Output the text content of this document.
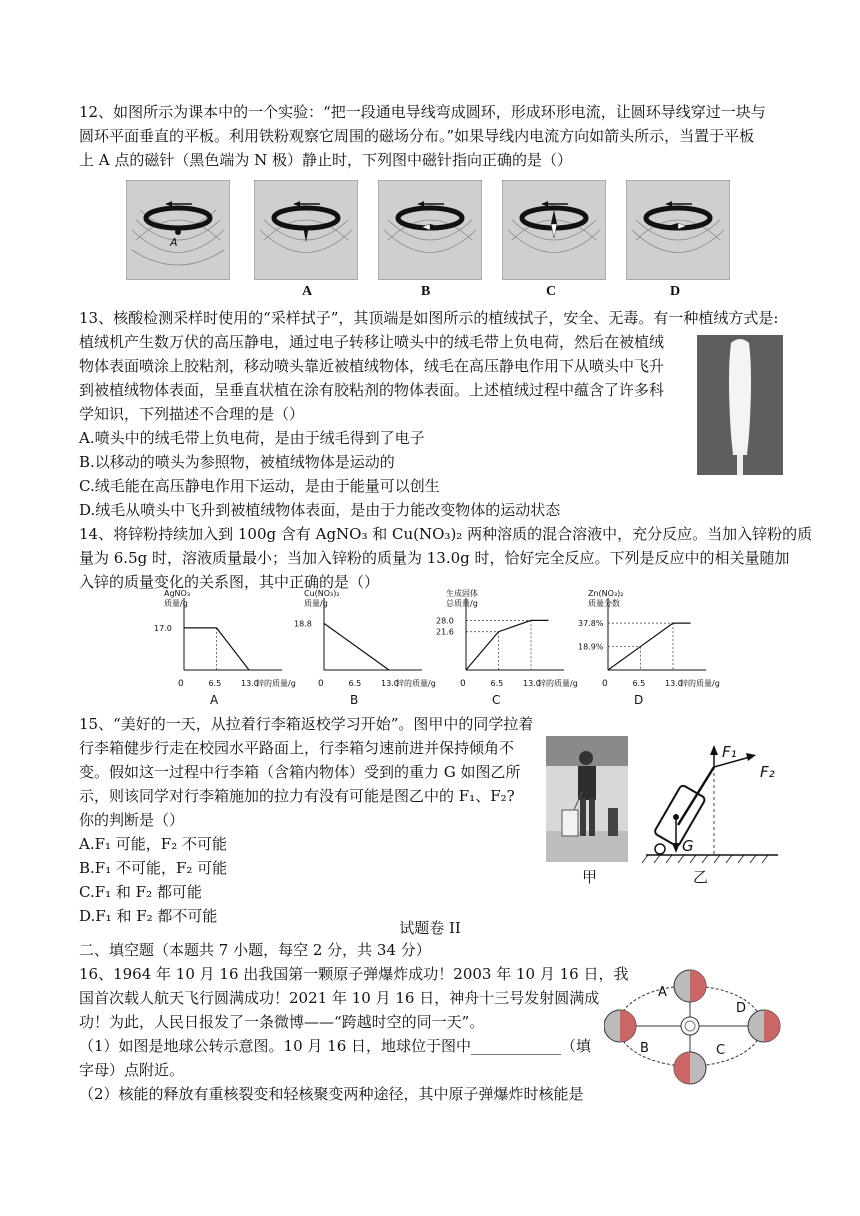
12、如图所示为课本中的一个实验：“把一段通电导线弯成圆环，形成环形电流，让圆环导线穿过一块与
圆环平面垂直的平板。利用铁粉观察它周围的磁场分布。”如果导线内电流方向如箭头所示，当置于平板
上 A 点的磁针（黑色端为 N 极）静止时，下列图中磁针指向正确的是（）
A
A	B	C	D
13、核酸检测采样时使用的“采样拭子”，其顶端是如图所示的植绒拭子，安全、无毒。有一种植绒方式是:
植绒机产生数万伏的高压静电，通过电子转移让喷头中的绒毛带上负电荷，然后在被植绒
物体表面喷涂上胶粘剂，移动喷头靠近被植绒物体，绒毛在高压静电作用下从喷头中飞升
到被植绒物体表面，呈垂直状植在涂有胶粘剂的物体表面。上述植绒过程中蕴含了许多科
学知识，下列描述不合理的是（）
A.喷头中的绒毛带上负电荷，是由于绒毛得到了电子
B.以移动的喷头为参照物，被植绒物体是运动的
C.绒毛能在高压静电作用下运动，是由于能量可以创生
D.绒毛从喷头中飞升到被植绒物体表面，是由于力能改变物体的运动状态
14、将锌粉持续加入到 100g 含有 AgNO₃ 和 Cu(NO₃)₂ 两种溶质的混合溶液中，充分反应。当加入锌粉的质
量为 6.5g 时，溶液质量最小；当加入锌粉的质量为 13.0g 时，恰好完全反应。下列是反应中的相关量随加
入锌的质量变化的关系图，其中正确的是（）
AgNO₃
质量/g
0	锌的质量/g
6.5 13.0
17.0
A
Cu(NO₃)₂
质量/g
0	锌的质量/g
6.5 13.0
18.8
B
生成固体
总质量/g
0	锌的质量/g
6.5 13.0
28.0
21.6
C
Zn(NO₃)₂
质量分数
0	锌的质量/g
6.5 13.0
37.8%
18.9%
D
15、“美好的一天，从拉着行李箱返校学习开始”。图甲中的同学拉着
行李箱健步行走在校园水平路面上，行李箱匀速前进并保持倾角不
变。假如这一过程中行李箱（含箱内物体）受到的重力 G 如图乙所
示，则该同学对行李箱施加的拉力有没有可能是图乙中的 F₁、F₂?
你的判断是（）
A.F₁ 可能，F₂ 不可能
B.F₁ 不可能，F₂ 可能
C.F₁ 和 F₂ 都可能
D.F₁ 和 F₂ 都不可能
甲
F₁
F₂
G
乙
试题卷 II
二、填空题（本题共 7 小题，每空 2 分，共 34 分）
16、1964 年 10 月 16 出我国第一颗原子弹爆炸成功！2003 年 10 月 16 日，我
国首次载人航天飞行圆满成功！2021 年 10 月 16 日，神舟十三号发射圆满成
功！为此，人民日报发了一条微博——“跨越时空的同一天”。
（1）如图是地球公转示意图。10 月 16 日，地球位于图中____________（填
字母）点附近。
（2）核能的释放有重核裂变和轻核聚变两种途径，其中原子弹爆炸时核能是
A
B	C
D
